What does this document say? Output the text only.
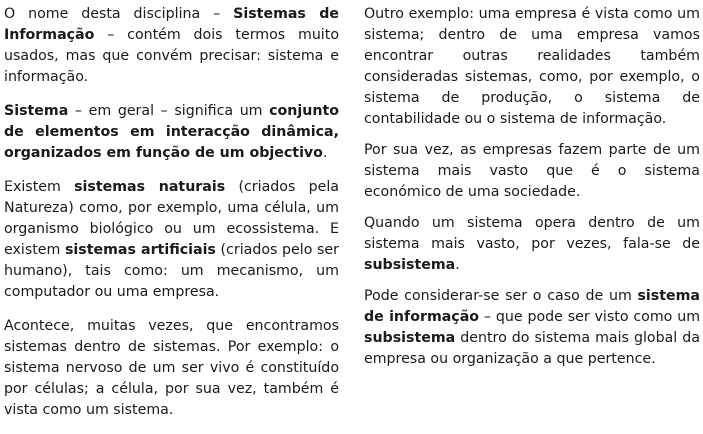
O nome desta disciplina – Sistemas de Informação – contém dois termos muito usados, mas que convém precisar: sistema e informação.

Sistema – em geral – significa um conjunto de elementos em interacção dinâmica, organizados em função de um objectivo.

Existem sistemas naturais (criados pela Natureza) como, por exemplo, uma célula, um organismo biológico ou um ecossistema. E existem sistemas artificiais (criados pelo ser humano), tais como: um mecanismo, um computador ou uma empresa.

Acontece, muitas vezes, que encontramos sistemas dentro de sistemas. Por exemplo: o sistema nervoso de um ser vivo é constituído por células; a célula, por sua vez, também é vista como um sistema.

Outro exemplo: uma empresa é vista como um sistema; dentro de uma empresa vamos encontrar outras realidades também consideradas sistemas, como, por exemplo, o sistema de produção, o sistema de contabilidade ou o sistema de informação.

Por sua vez, as empresas fazem parte de um sistema mais vasto que é o sistema económico de uma sociedade.

Quando um sistema opera dentro de um sistema mais vasto, por vezes, fala-se de subsistema.

Pode considerar-se ser o caso de um sistema de informação – que pode ser visto como um subsistema dentro do sistema mais global da empresa ou organização a que pertence.
